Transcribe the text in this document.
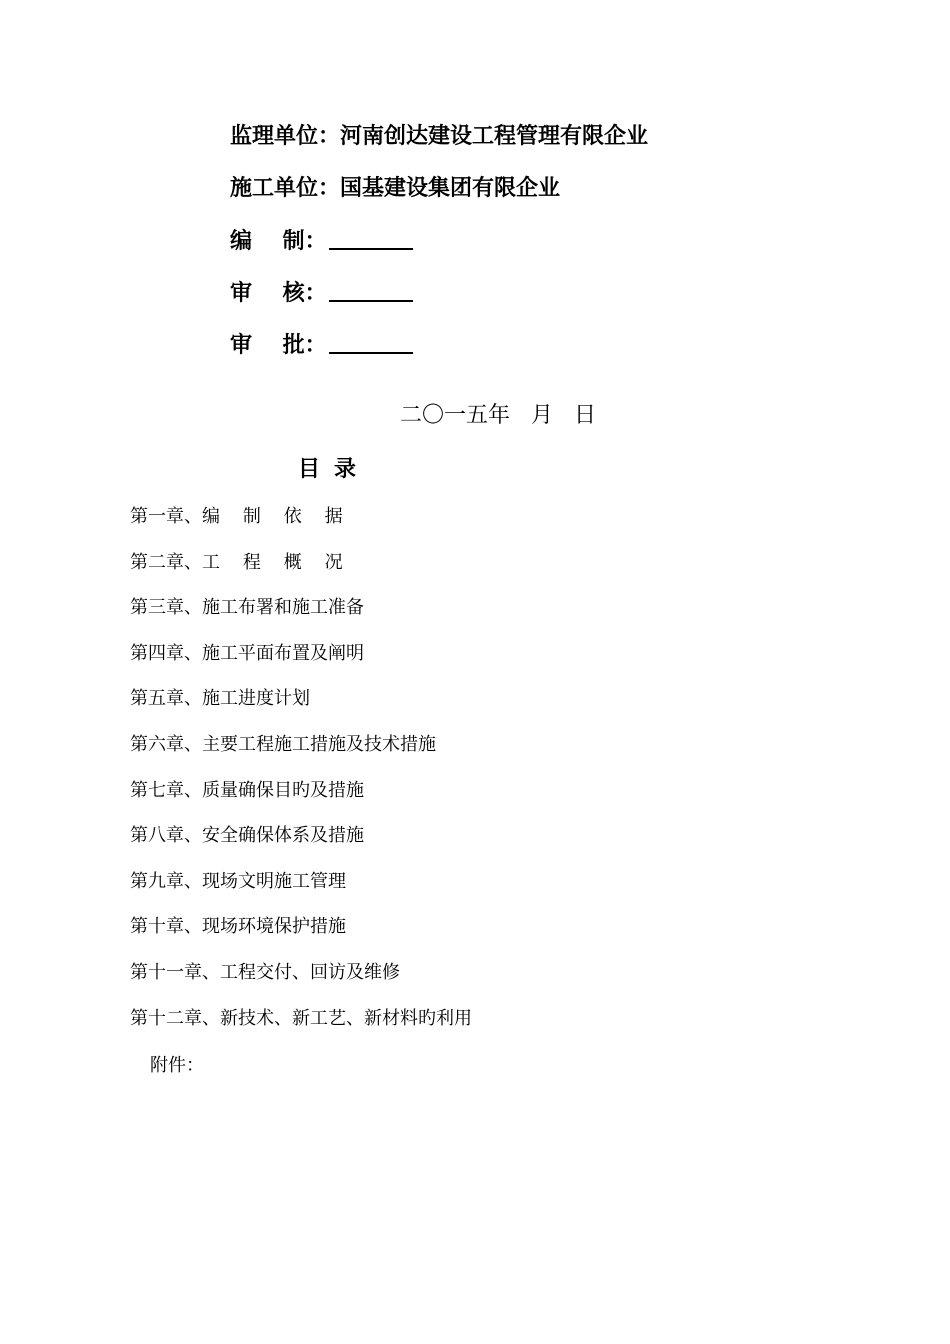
监理单位：河南创达建设工程管理有限企业
施工单位：国基建设集团有限企业
编    制：
审    核：
审    批：
二〇一五年   月   日
目录
第一章、编    制    依    据
第二章、工    程    概    况
第三章、施工布署和施工准备
第四章、施工平面布置及阐明
第五章、施工进度计划
第六章、主要工程施工措施及技术措施
第七章、质量确保目旳及措施
第八章、安全确保体系及措施
第九章、现场文明施工管理
第十章、现场环境保护措施
第十一章、工程交付、回访及维修
第十二章、新技术、新工艺、新材料旳利用
附件：
